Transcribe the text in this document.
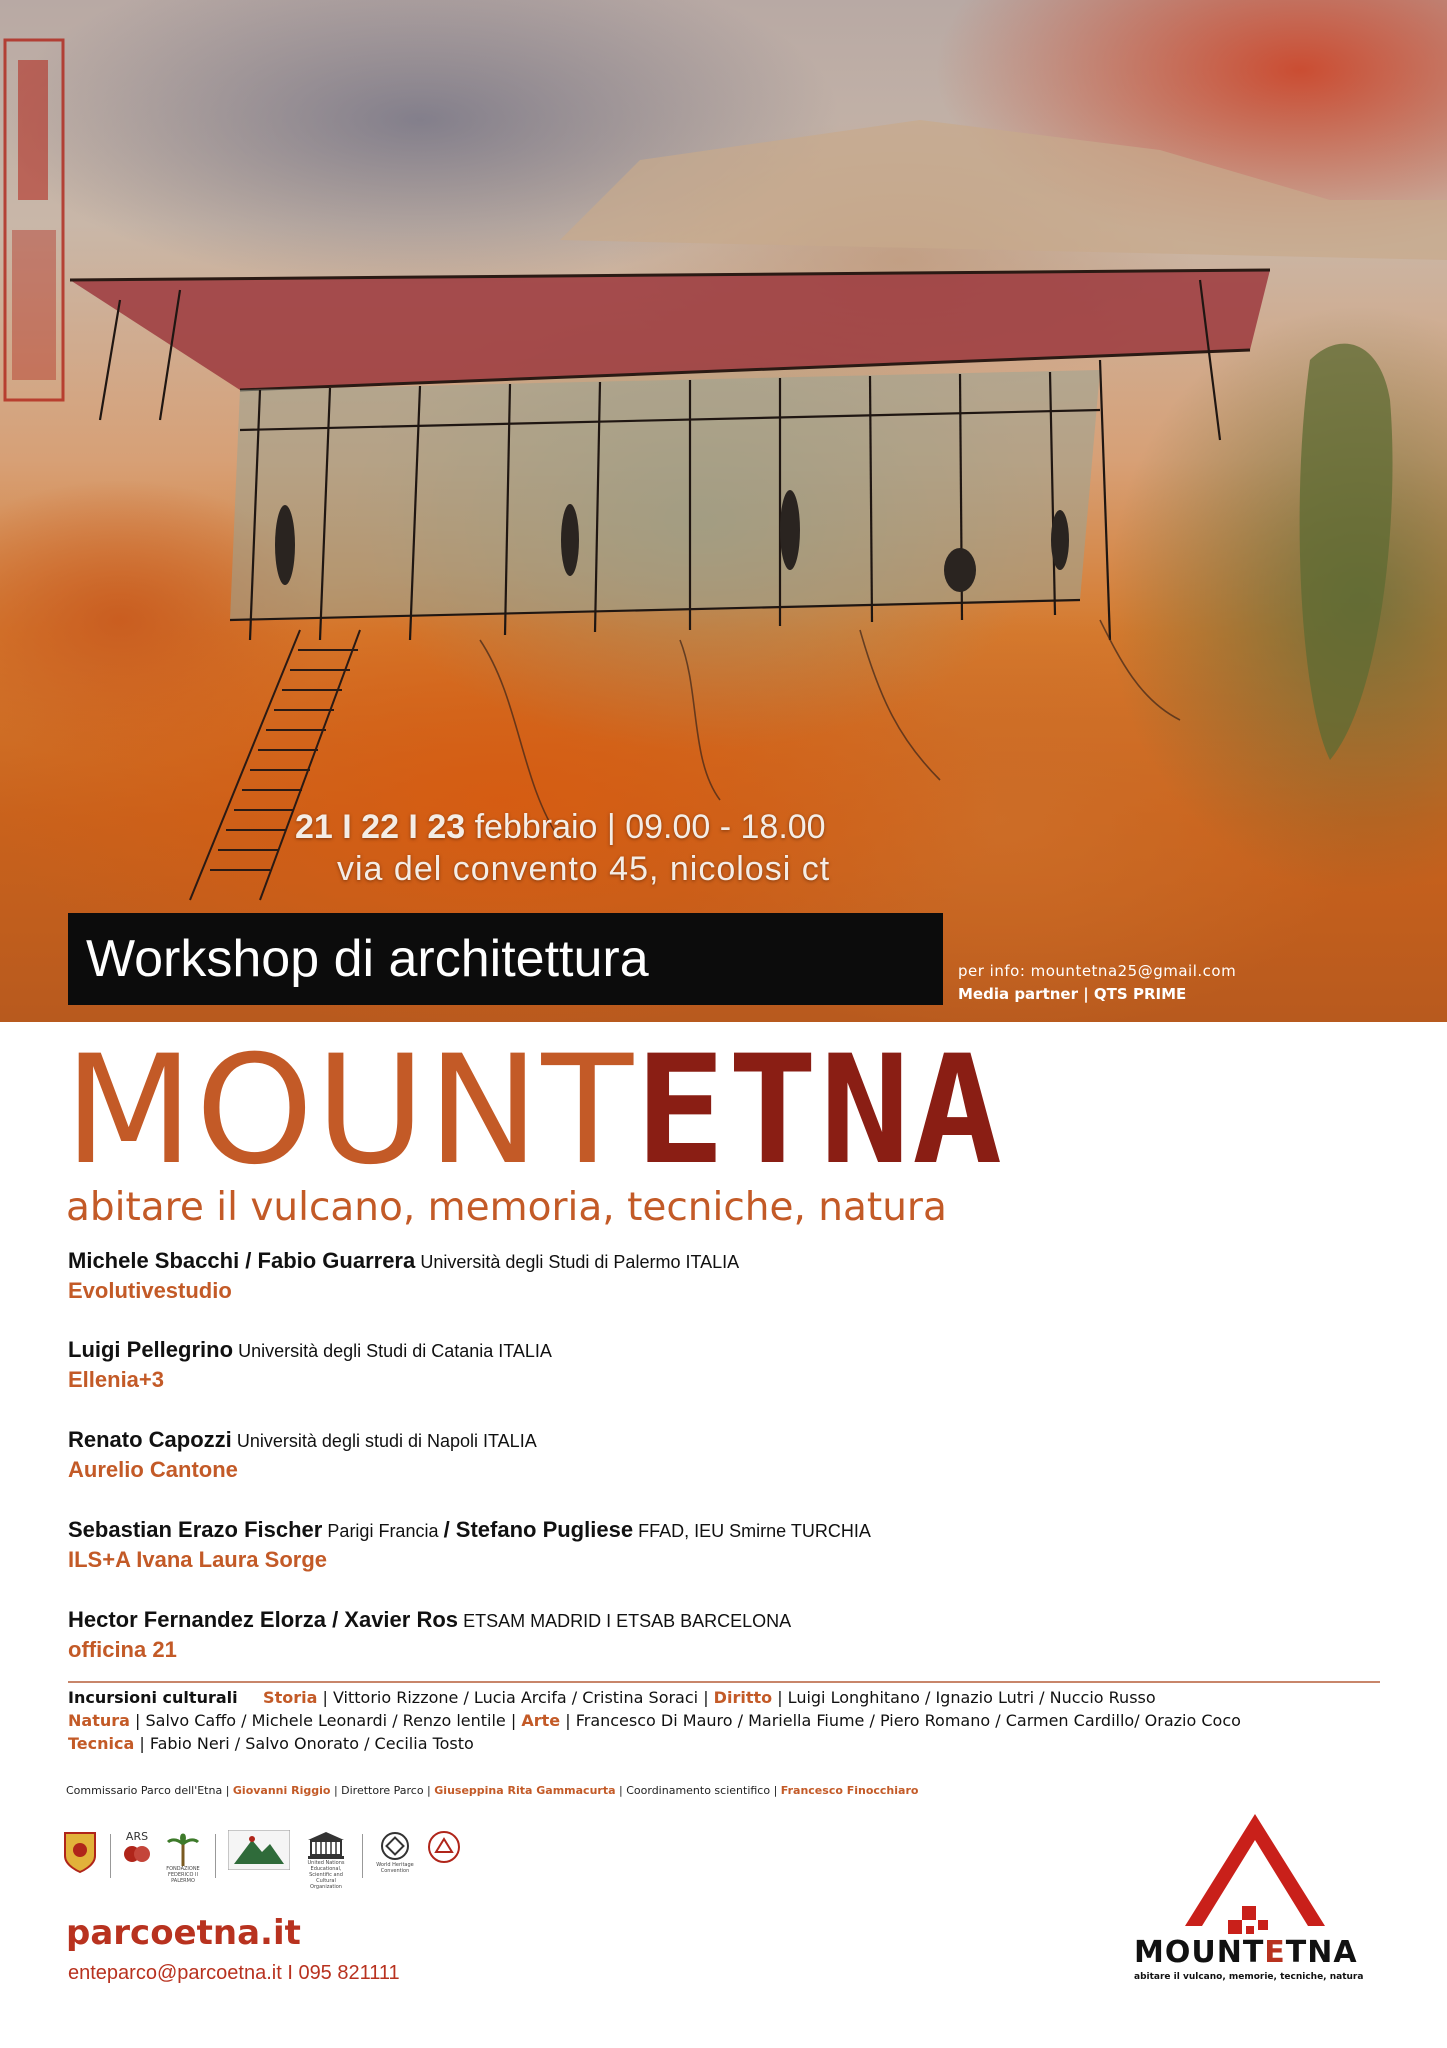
21 I 22 I 23 febbraio | 09.00 - 18.00
via del convento 45, nicolosi ct
Workshop di architettura	per info: mountetna25@gmail.com
Media partner | QTS PRIME
MOUNTETNA
abitare il vulcano, memoria, tecniche, natura
Michele Sbacchi / Fabio Guarrera Università degli Studi di Palermo ITALIA
Evolutivestudio
Luigi Pellegrino Università degli Studi di Catania ITALIA
Ellenia+3
Renato Capozzi Università degli studi di Napoli ITALIA
Aurelio Cantone
Sebastian Erazo Fischer Parigi Francia / Stefano Pugliese FFAD, IEU Smirne TURCHIA
ILS+A Ivana Laura Sorge
Hector Fernandez Elorza / Xavier Ros ETSAM MADRID I ETSAB BARCELONA
officina 21
Incursioni culturali Storia | Vittorio Rizzone / Lucia Arcifa / Cristina Soraci | Diritto | Luigi Longhitano / Ignazio Lutri / Nuccio Russo
Natura | Salvo Caffo / Michele Leonardi / Renzo lentile | Arte | Francesco Di Mauro / Mariella Fiume / Piero Romano / Carmen Cardillo/ Orazio Coco
Tecnica | Fabio Neri / Salvo Onorato / Cecilia Tosto
Commissario Parco dell'Etna | Giovanni Riggio | Direttore Parco | Giuseppina Rita Gammacurta | Coordinamento scientifico | Francesco Finocchiaro
ARS
FONDAZIONE FEDERICO II PALERMO
United Nations Educational, Scientific and Cultural Organization
World Heritage Convention
parcoetna.it
enteparco@parcoetna.it I 095 821111
MOUNTETNA
abitare il vulcano, memorie, tecniche, natura
